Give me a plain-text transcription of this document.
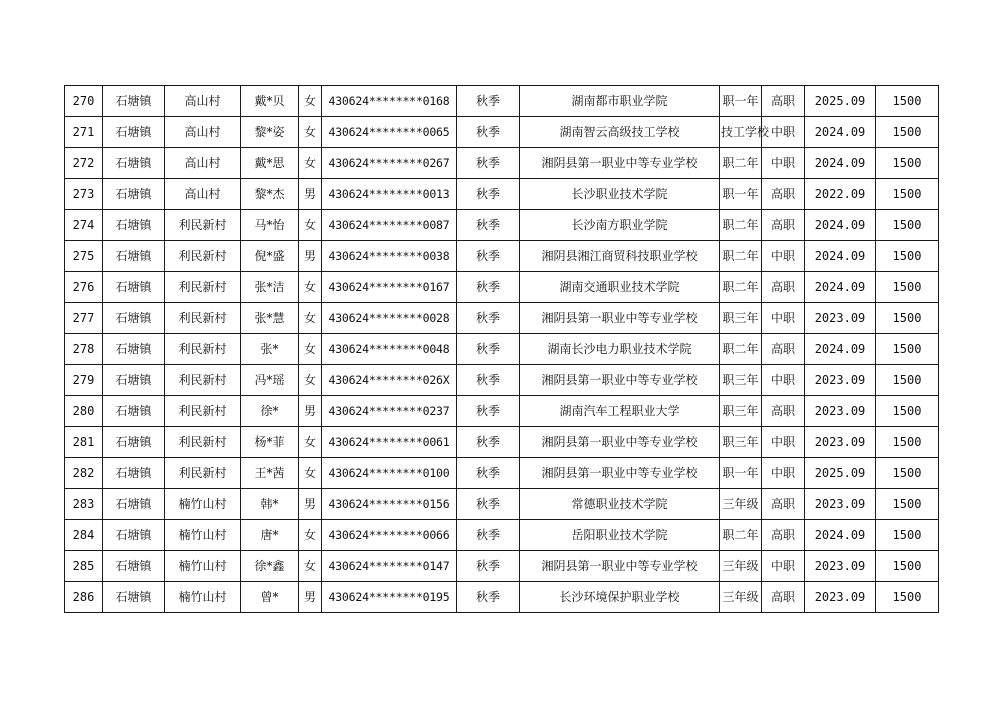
270	石塘镇	高山村	戴*贝	女	430624********0168	秋季	湖南都市职业学院	职一年	高职	2025.09	1500
271	石塘镇	高山村	黎*姿	女	430624********0065	秋季	湖南智云高级技工学校	技工学校	中职	2024.09	1500
272	石塘镇	高山村	戴*思	女	430624********0267	秋季	湘阴县第一职业中等专业学校	职二年	中职	2024.09	1500
273	石塘镇	高山村	黎*杰	男	430624********0013	秋季	长沙职业技术学院	职一年	高职	2022.09	1500
274	石塘镇	利民新村	马*怡	女	430624********0087	秋季	长沙南方职业学院	职二年	高职	2024.09	1500
275	石塘镇	利民新村	倪*盛	男	430624********0038	秋季	湘阴县湘江商贸科技职业学校	职二年	中职	2024.09	1500
276	石塘镇	利民新村	张*洁	女	430624********0167	秋季	湖南交通职业技术学院	职二年	高职	2024.09	1500
277	石塘镇	利民新村	张*慧	女	430624********0028	秋季	湘阴县第一职业中等专业学校	职三年	中职	2023.09	1500
278	石塘镇	利民新村	张*	女	430624********0048	秋季	湖南长沙电力职业技术学院	职二年	高职	2024.09	1500
279	石塘镇	利民新村	冯*瑶	女	430624********026X	秋季	湘阴县第一职业中等专业学校	职三年	中职	2023.09	1500
280	石塘镇	利民新村	徐*	男	430624********0237	秋季	湖南汽车工程职业大学	职三年	高职	2023.09	1500
281	石塘镇	利民新村	杨*菲	女	430624********0061	秋季	湘阴县第一职业中等专业学校	职三年	中职	2023.09	1500
282	石塘镇	利民新村	王*茜	女	430624********0100	秋季	湘阴县第一职业中等专业学校	职一年	中职	2025.09	1500
283	石塘镇	楠竹山村	韩*	男	430624********0156	秋季	常德职业技术学院	三年级	高职	2023.09	1500
284	石塘镇	楠竹山村	唐*	女	430624********0066	秋季	岳阳职业技术学院	职二年	高职	2024.09	1500
285	石塘镇	楠竹山村	徐*鑫	女	430624********0147	秋季	湘阴县第一职业中等专业学校	三年级	中职	2023.09	1500
286	石塘镇	楠竹山村	曾*	男	430624********0195	秋季	长沙环境保护职业学校	三年级	高职	2023.09	1500
